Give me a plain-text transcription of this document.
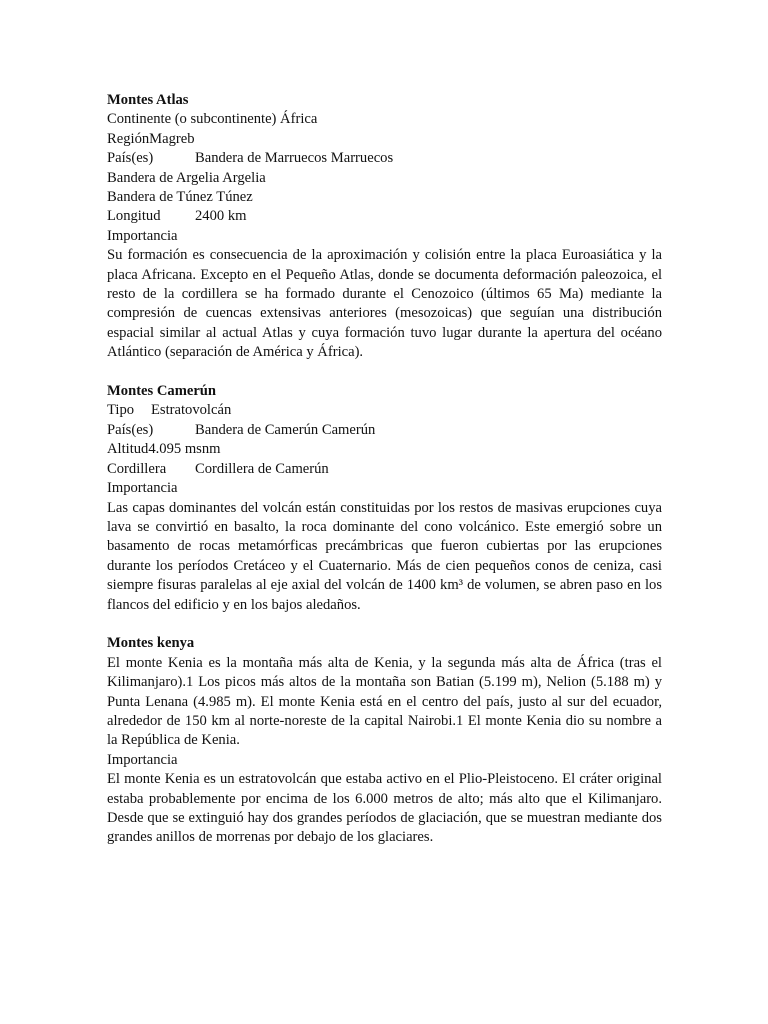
Montes Atlas
Continente (o subcontinente) África
RegiónMagreb
País(es)	Bandera de Marruecos Marruecos
Bandera de Argelia Argelia
Bandera de Túnez Túnez
Longitud 2400 km
Importancia
Su formación es consecuencia de la aproximación y colisión entre la placa Euroasiática y la placa Africana. Excepto en el Pequeño Atlas, donde se documenta deformación paleozoica, el resto de la cordillera se ha formado durante el Cenozoico (últimos 65 Ma) mediante la compresión de cuencas extensivas anteriores (mesozoicas) que seguían una distribución espacial similar al actual Atlas y cuya formación tuvo lugar durante la apertura del océano Atlántico (separación de América y África).
Montes Camerún
Tipo Estratovolcán
País(es)	Bandera de Camerún Camerún
Altitud4.095 msnm
Cordillera Cordillera de Camerún
Importancia
Las capas dominantes del volcán están constituidas por los restos de masivas erupciones cuya lava se convirtió en basalto, la roca dominante del cono volcánico. Este emergió sobre un basamento de rocas metamórficas precámbricas que fueron cubiertas por las erupciones durante los períodos Cretáceo y el Cuaternario. Más de cien pequeños conos de ceniza, casi siempre fisuras paralelas al eje axial del volcán de 1400 km³ de volumen, se abren paso en los flancos del edificio y en los bajos aledaños.
Montes kenya
El monte Kenia es la montaña más alta de Kenia, y la segunda más alta de África (tras el Kilimanjaro).1 Los picos más altos de la montaña son Batian (5.199 m), Nelion (5.188 m) y Punta Lenana (4.985 m). El monte Kenia está en el centro del país, justo al sur del ecuador, alrededor de 150 km al norte-noreste de la capital Nairobi.1 El monte Kenia dio su nombre a la República de Kenia.
Importancia
El monte Kenia es un estratovolcán que estaba activo en el Plio-Pleistoceno. El cráter original estaba probablemente por encima de los 6.000 metros de alto; más alto que el Kilimanjaro. Desde que se extinguió hay dos grandes períodos de glaciación, que se muestran mediante dos grandes anillos de morrenas por debajo de los glaciares.
